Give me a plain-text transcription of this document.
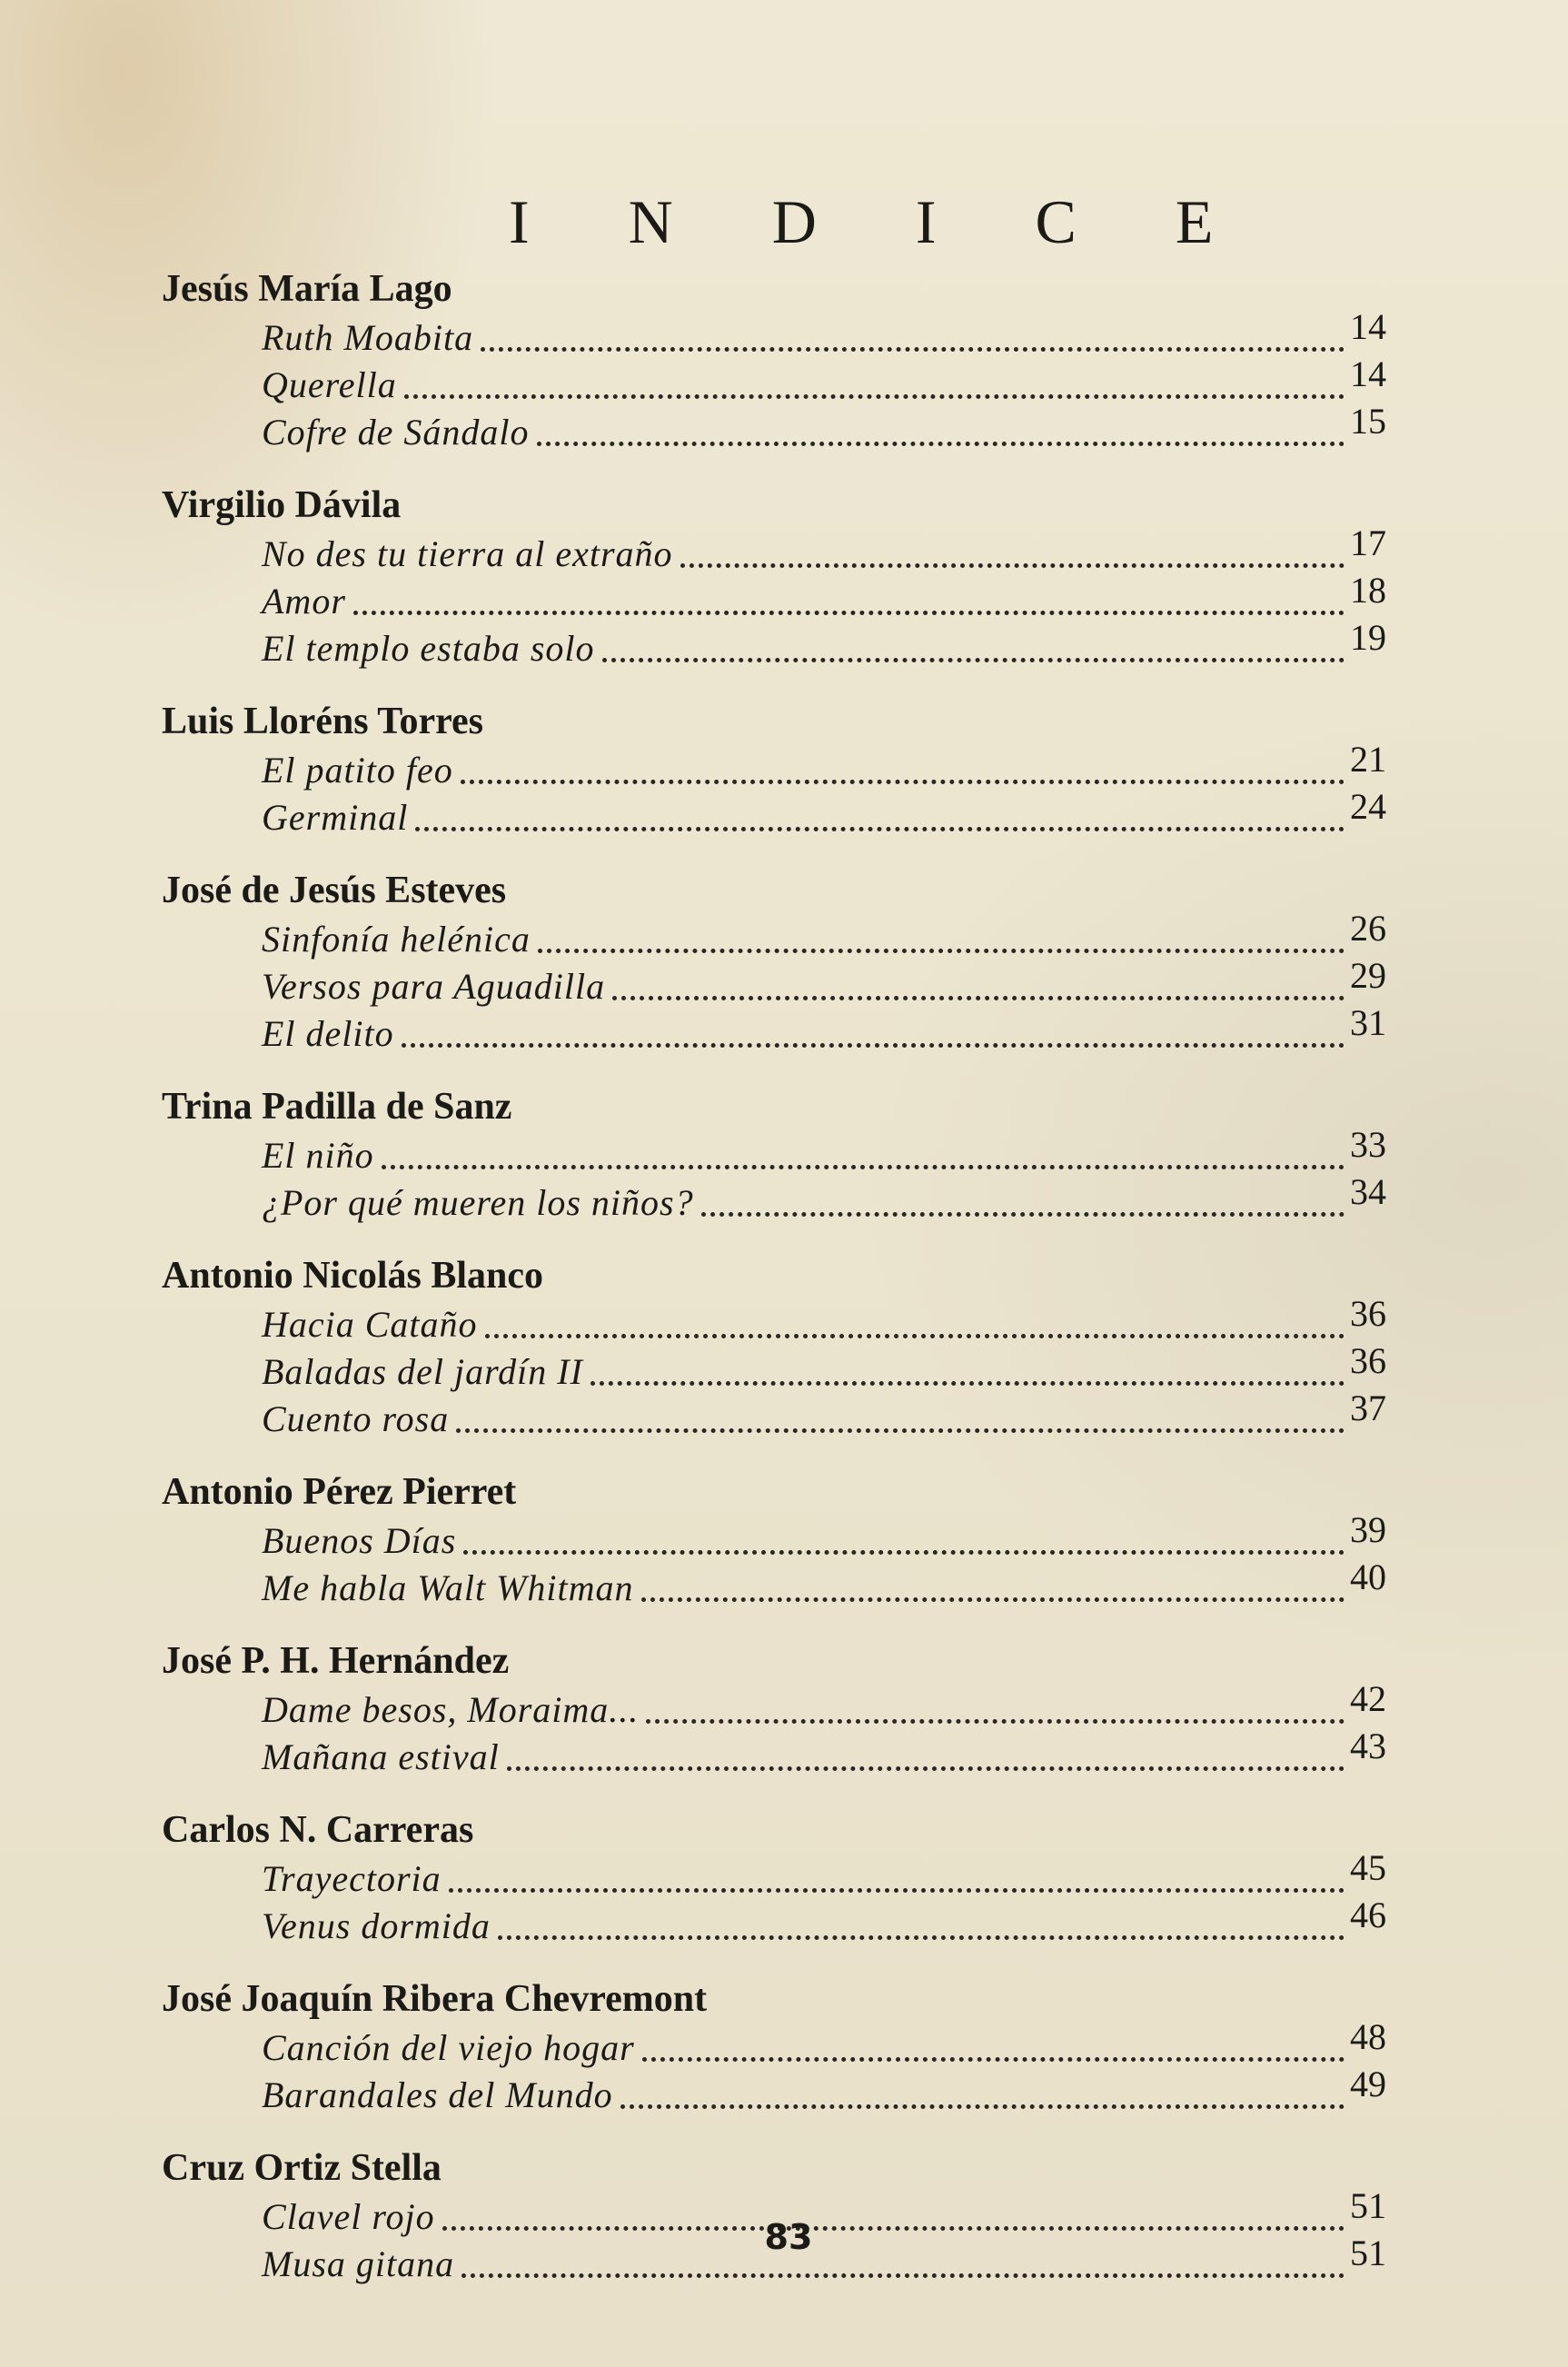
I N D I C E
Jesús María Lago
Ruth Moabita	14
Querella	14
Cofre de Sándalo	15
Virgilio Dávila
No des tu tierra al extraño	17
Amor	18
El templo estaba solo	19
Luis Lloréns Torres
El patito feo	21
Germinal	24
José de Jesús Esteves
Sinfonía helénica	26
Versos para Aguadilla	29
El delito	31
Trina Padilla de Sanz
El niño	33
¿Por qué mueren los niños?	34
Antonio Nicolás Blanco
Hacia Cataño	36
Baladas del jardín II	36
Cuento rosa	37
Antonio Pérez Pierret
Buenos Días	39
Me habla Walt Whitman	40
José P. H. Hernández
Dame besos, Moraima...	42
Mañana estival	43
Carlos N. Carreras
Trayectoria	45
Venus dormida	46
José Joaquín Ribera Chevremont
Canción del viejo hogar	48
Barandales del Mundo	49
Cruz Ortiz Stella
Clavel rojo	51
Musa gitana	51
83
